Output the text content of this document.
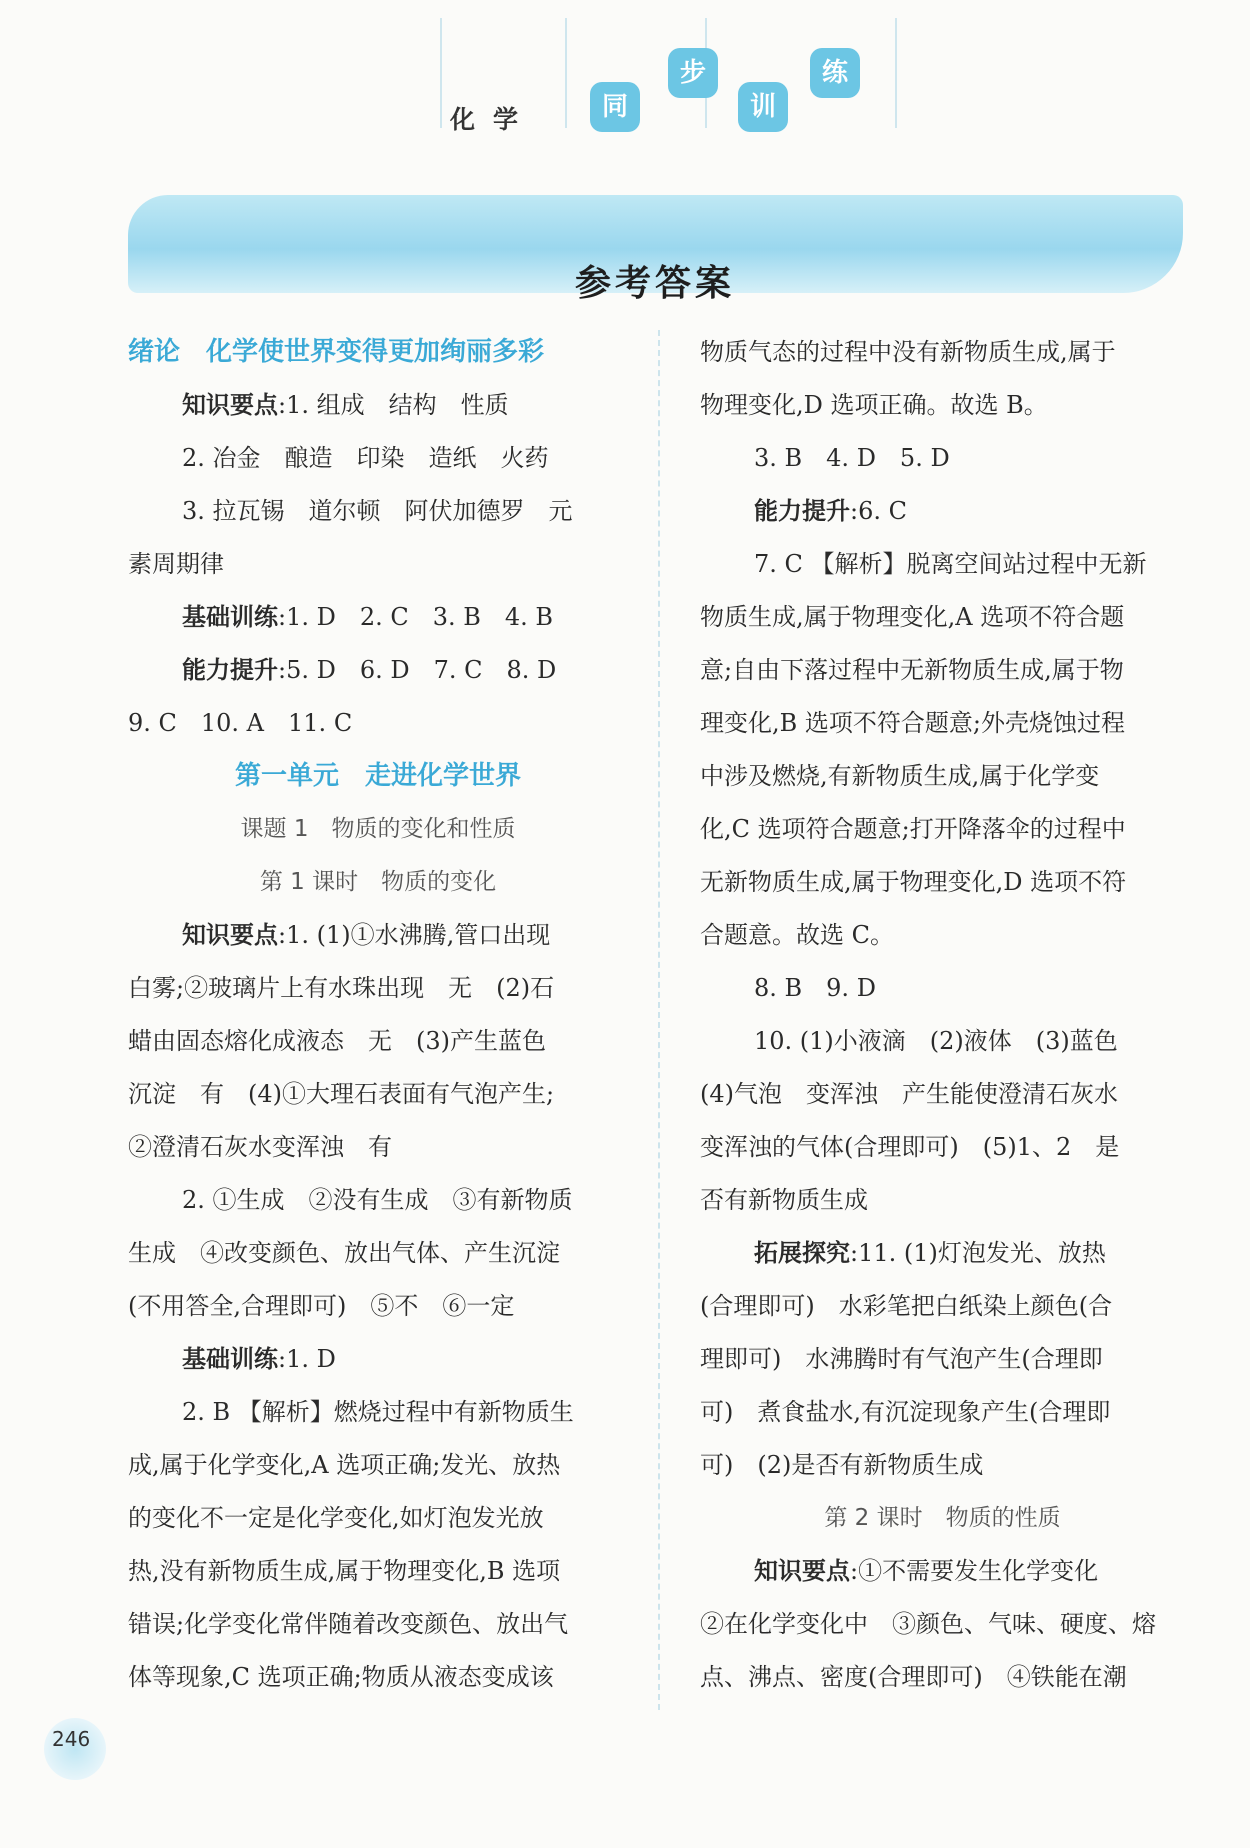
化学	同
步
训
练
参考答案

绪论　化学使世界变得更加绚丽多彩

知识要点:1. 组成　结构　性质

2. 冶金　酿造　印染　造纸　火药

3. 拉瓦锡　道尔顿　阿伏加德罗　元

素周期律

基础训练:1. D　2. C　3. B　4. B

能力提升:5. D　6. D　7. C　8. D

9. C　10. A　11. C

第一单元　走进化学世界

课题 1　物质的变化和性质

第 1 课时　物质的变化

知识要点:1. (1)①水沸腾,管口出现

白雾;②玻璃片上有水珠出现　无　(2)石

蜡由固态熔化成液态　无　(3)产生蓝色

沉淀　有　(4)①大理石表面有气泡产生;

②澄清石灰水变浑浊　有

2. ①生成　②没有生成　③有新物质

生成　④改变颜色、放出气体、产生沉淀

(不用答全,合理即可)　⑤不　⑥一定

基础训练:1. D

2. B 【解析】燃烧过程中有新物质生

成,属于化学变化,A 选项正确;发光、放热

的变化不一定是化学变化,如灯泡发光放

热,没有新物质生成,属于物理变化,B 选项

错误;化学变化常伴随着改变颜色、放出气

体等现象,C 选项正确;物质从液态变成该

物质气态的过程中没有新物质生成,属于

物理变化,D 选项正确。故选 B。

3. B　4. D　5. D

能力提升:6. C

7. C 【解析】脱离空间站过程中无新

物质生成,属于物理变化,A 选项不符合题

意;自由下落过程中无新物质生成,属于物

理变化,B 选项不符合题意;外壳烧蚀过程

中涉及燃烧,有新物质生成,属于化学变

化,C 选项符合题意;打开降落伞的过程中

无新物质生成,属于物理变化,D 选项不符

合题意。故选 C。

8. B　9. D

10. (1)小液滴　(2)液体　(3)蓝色

(4)气泡　变浑浊　产生能使澄清石灰水

变浑浊的气体(合理即可)　(5)1、2　是

否有新物质生成

拓展探究:11. (1)灯泡发光、放热

(合理即可)　水彩笔把白纸染上颜色(合

理即可)　水沸腾时有气泡产生(合理即

可)　煮食盐水,有沉淀现象产生(合理即

可)　(2)是否有新物质生成

第 2 课时　物质的性质

知识要点:①不需要发生化学变化

②在化学变化中　③颜色、气味、硬度、熔

点、沸点、密度(合理即可)　④铁能在潮

246
